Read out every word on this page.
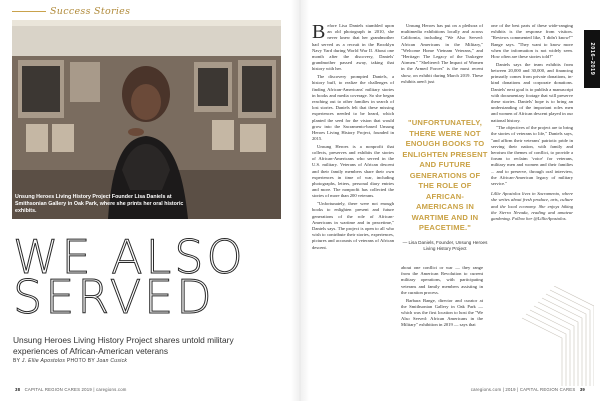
Success Stories
Unsung Heroes Living History Project Founder Lisa Daniels at Smithsonian Gallery in Oak Park, where she prints her oral historic exhibits.
WE ALSO
SERVED
Unsung Heroes Living History Project shares untold military experiences of African-American veterans
BY J. Ellie Apostolos PHOTO BY Joan Cusick
38 CAPITAL REGION CARES 2019 | caregions.com

Before Lisa Daniels stumbled upon an old photograph in 2010, she never knew that her grandmother had served as a recruit in the Brooklyn Navy Yard during World War II. About one month after the discovery, Daniels' grandmother passed away, taking that history with her.

The discovery prompted Daniels, a history buff, to realize the challenges of finding African-Americans' military stories in books and media coverage. So she began reaching out to other families in search of lost stories. Daniels felt that these missing experiences needed to be heard, which planted the seed for the vision that would grow into the Sacramento-based Unsung Heroes Living History Project, founded in 2015.

Unsung Heroes is a nonprofit that collects, preserves and exhibits the stories of African-Americans who served in the U.S. military. Veterans of African descent and their family members share their own experiences in time of war, including photographs, letters, personal diary entries and more. The nonprofit has collected the stories of more than 200 veterans.

"Unfortunately, there were not enough books to enlighten present and future generations of the role of African-Americans in wartime and in peacetime," Daniels says. The project is open to all who wish to contribute their stories, experiences, pictures and accounts of veterans of African descent.

Unsung Heroes has put on a plethora of multimedia exhibitions locally and across California, including "We Also Served: African Americans in the Military," "Welcome Home Vietnam Veterans," and "Heritage: The Legacy of the Tuskegee Airmen." "Sheltered: The Impact of Women in the Armed Forces" is the most recent show, on exhibit during March 2019. These exhibits aren't just

"UNFORTUNATELY, THERE WERE NOT ENOUGH BOOKS TO ENLIGHTEN PRESENT AND FUTURE GENERATIONS OF THE ROLE OF AFRICAN-AMERICANS IN WARTIME AND IN PEACETIME."
— Lisa Daniels, Founder, Unsung Heroes Living History Project

about one conflict or war — they range from the American Revolution to current military operations, with participating veterans and family members assisting in the curation process.

Barbara Bange, director and curator at the Smithsonian Gallery in Oak Park — which was the first location to host the "We Also Served: African Americans in the Military" exhibition in 2019 — says that

one of the best parts of these wide-ranging exhibits is the response from visitors. "Reviews commented like, 'I didn't know!'" Bange says. "They want to know more when the information is not widely seen. How often are these stories told?"

Daniels says the team exhibits from between 20,000 and 30,000, and financing primarily comes from private donations, in-kind donations and corporate donations. Daniels' next goal is to publish a manuscript with documentary footage that will preserve these stories. Daniels' hope is to bring an understanding of the important roles men and women of African descent played in our national history.

"The objectives of the project are to bring the stories of veterans to life," Daniels says, "and affirm their veterans' patriotic pride in serving their nation, with family and heroism the themes of conflict, to provide a forum to reclaim 'voice' for veterans, military men and women and their families ... and to preserve, through oral interview, the African-American legacy of military service."

Lillie Apostolos lives in Sacramento, where she writes about fresh produce, arts, culture and the local economy. She enjoys hiking the Sierra Nevada, reading and amateur gardening. Follow her @LillieApostolos.

2016–2019
caregions.com | 2019 | CAPITAL REGION CARES 39
